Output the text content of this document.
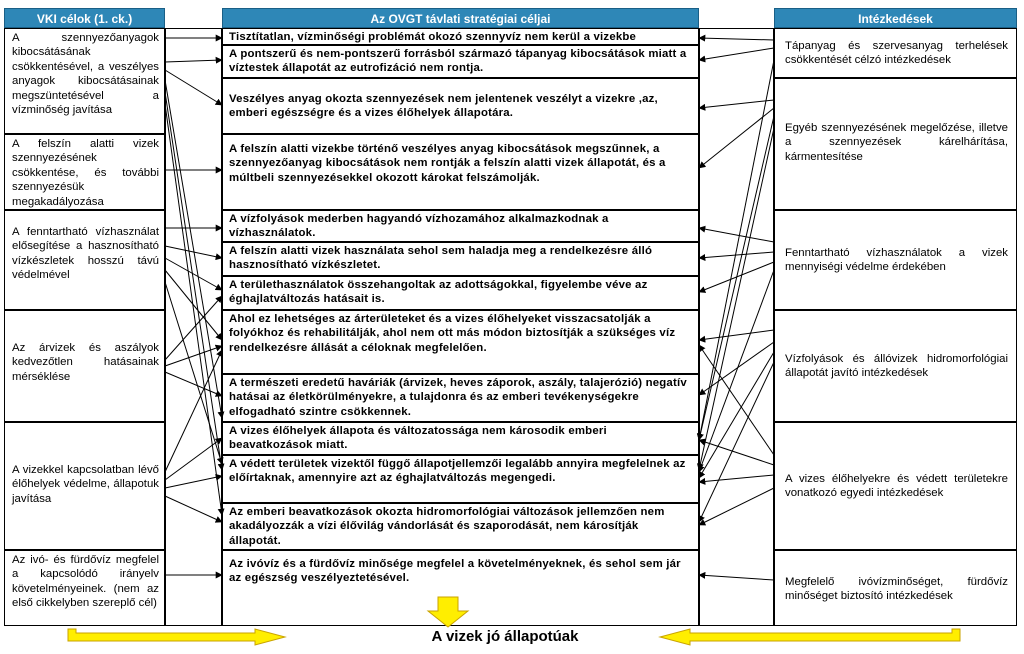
VKI célok (1. ck.)	Az OVGT távlati stratégiai céljai	Intézkedések
A szennyezőanyagok kibocsátásának csökkentésével, a veszélyes anyagok kibocsátásainak megszüntetésével a vízminőség javítása
A felszín alatti vizek szennyezésének csökkentése, és további szennyezésük megakadályozása
A fenntartható vízhasználat elősegítése a hasznosítható vízkészletek hosszú távú védelmével
Az árvizek és aszályok kedvezőtlen hatásainak mérséklése
A vizekkel kapcsolatban lévő élőhelyek védelme, állapotuk javítása
Az ivó- és fürdővíz megfelel a kapcsolódó irányelv követelményeinek. (nem az első cikkelyben szereplő cél)
Tisztítatlan, vízminőségi problémát okozó szennyvíz nem kerül a vizekbe
A pontszerű és nem-pontszerű forrásból származó tápanyag kibocsátások miatt a víztestek állapotát az eutrofizáció nem rontja.
Veszélyes anyag okozta szennyezések nem jelentenek veszélyt a vizekre ,az, emberi egészségre és a vizes élőhelyek állapotára.
A felszín alatti vizekbe történő veszélyes anyag kibocsátások megszűnnek, a szennyezőanyag kibocsátások nem rontják a felszín alatti vizek állapotát, és a múltbeli szennyezésekkel okozott károkat felszámolják.
A vízfolyások mederben hagyandó vízhozamához alkalmazkodnak a vízhasználatok.
A felszín alatti vizek használata sehol sem haladja meg a rendelkezésre álló hasznosítható vízkészletet.
A területhasználatok összehangoltak az adottságokkal, figyelembe véve az éghajlatváltozás hatásait is.
Ahol ez lehetséges az árterületeket és a vizes élőhelyeket visszacsatolják a folyókhoz és rehabilitálják, ahol nem ott más módon biztosítják a szükséges víz rendelkezésre állását a céloknak megfelelően.
A természeti eredetű haváriák (árvizek, heves záporok, aszály, talajerózió) negatív hatásai az életkörülményekre, a tulajdonra és az emberi tevékenységekre elfogadható szintre csökkennek.
A vizes élőhelyek állapota és változatossága nem károsodik emberi beavatkozások miatt.
A védett területek vizektől függő állapotjellemzői legalább annyira megfelelnek az előírtaknak, amennyire azt az éghajlatváltozás megengedi.
Az emberi beavatkozások okozta hidromorfológiai változások jellemzően nem akadályozzák a vízi élővilág vándorlását és szaporodását, nem károsítják állapotát.
Az ivóvíz és a fürdővíz minősége megfelel a követelményeknek, és sehol sem jár az egészség veszélyeztetésével.
Tápanyag és szervesanyag terhelések csökkentését célzó intézkedések
Egyéb szennyezésének megelőzése, illetve a szennyezések kárelhárítása, kármentesítése
Fenntartható vízhasználatok a vizek mennyiségi védelme érdekében
Vízfolyások és állóvizek hidromorfológiai állapotát javító intézkedések
A vizes élőhelyekre és védett területekre vonatkozó egyedi intézkedések
Megfelelő ivóvízminőséget, fürdővíz minőséget biztosító intézkedések
A vizek jó állapotúak
